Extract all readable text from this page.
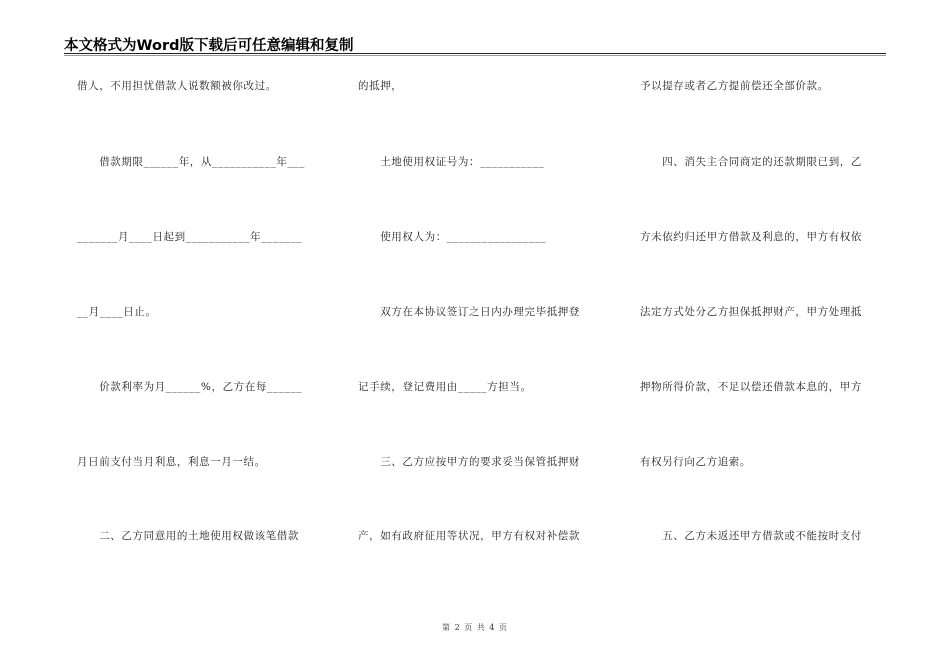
本文格式为Word版下载后可任意编辑和复制
借人，不用担忧借款人说数额被你改过。
　　借款期限______年，从___________年___
_______月____日起到___________年_______
__月____日止。
　　价款利率为月______%，乙方在每______
月日前支付当月利息，利息一月一结。
　　二、乙方同意用的土地使用权做该笔借款
的抵押，
　　土地使用权证号为：___________
　　使用权人为：_________________
　　双方在本协议签订之日内办理完毕抵押登
记手续，登记费用由_____方担当。
　　三、乙方应按甲方的要求妥当保管抵押财
产，如有政府征用等状况，甲方有权对补偿款
予以提存或者乙方提前偿还全部价款。
　　四、消失主合同商定的还款期限已到，乙
方未依约归还甲方借款及利息的，甲方有权依
法定方式处分乙方担保抵押财产，甲方处理抵
押物所得价款，不足以偿还借款本息的，甲方
有权另行向乙方追索。
　　五、乙方未返还甲方借款或不能按时支付
第 2 页 共 4 页
